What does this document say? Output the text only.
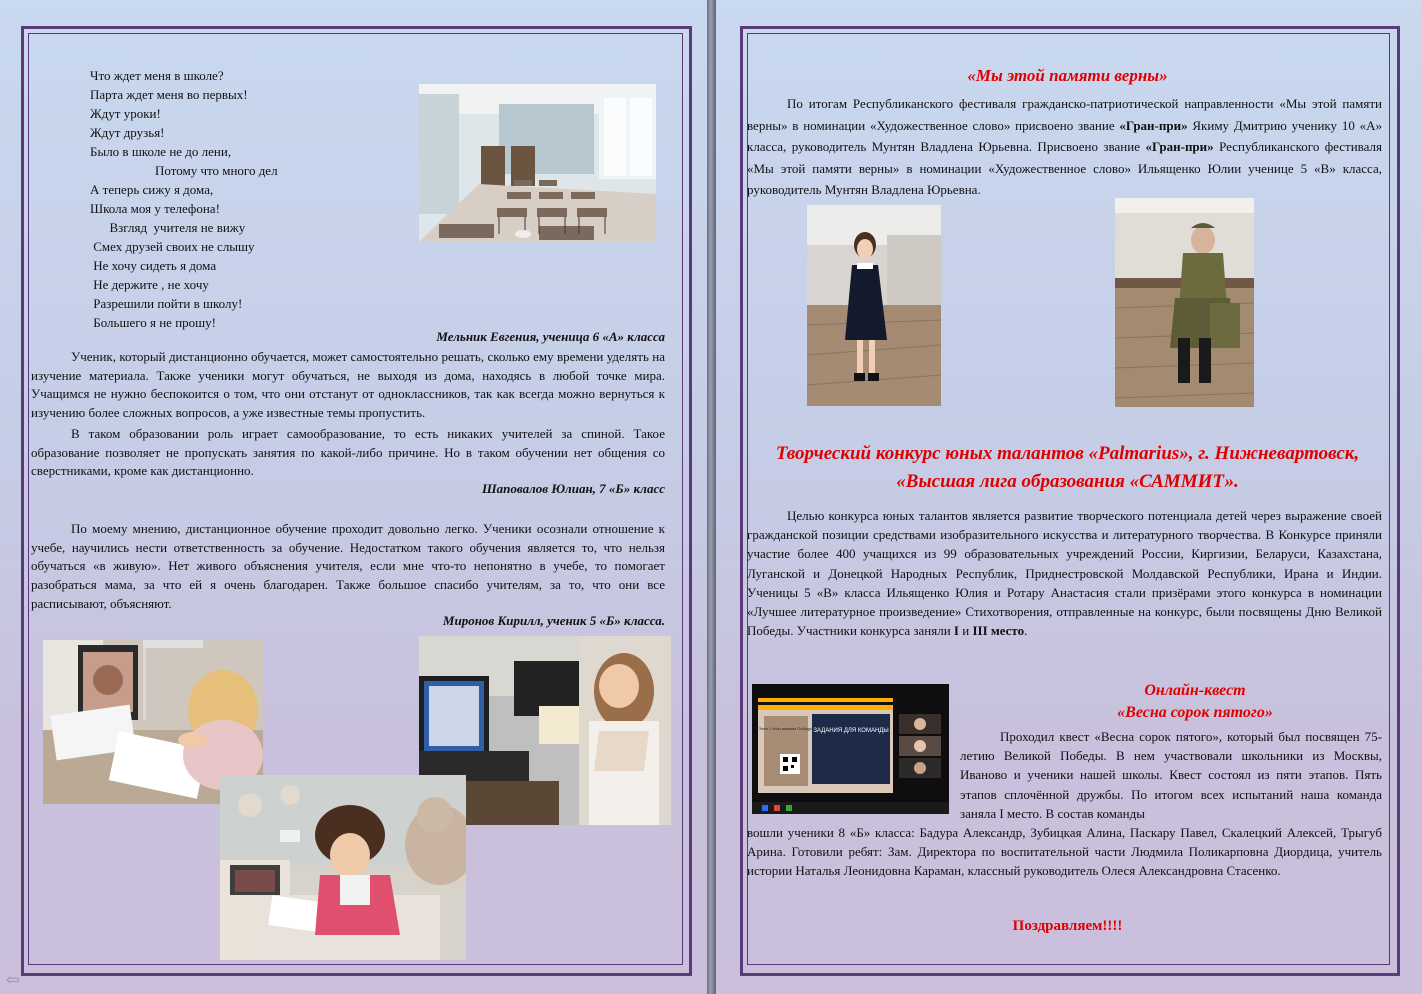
Что ждет меня в школе?
Парта ждет меня во первых!
Ждут уроки!
Ждут друзья!
Было в школе не до лени,
Потому что много дел
А теперь сижу я дома,
Школа моя у телефона!
Взгляд  учителя не вижу
Смех друзей своих не слышу
Не хочу сидеть я дома
Не держите , не хочу
Разрешили пойти в школу!
Большего я не прошу!
Мельник Евгения, ученица 6 «А» класса
Ученик, который дистанционно обучается, может самостоятельно решать, сколько ему времени уделять на изучение материала. Также ученики могут обучаться, не выходя из дома, находясь в любой точке мира. Учащимся не нужно беспокоится о том, что они отстанут от одноклассников, так как всегда можно вернуться к изучению более сложных вопросов, а уже известные темы пропустить.
В таком образовании роль играет самообразование, то есть никаких учителей за спиной. Такое образование позволяет не пропускать занятия по какой-либо причине. Но в таком обучении нет общения со сверстниками, кроме как дистанционно.
Шаповалов Юлиан, 7 «Б» класс
По моему мнению, дистанционное обучение проходит довольно легко. Ученики осознали отношение к учебе, научились нести ответственность за обучение. Недостатком такого обучения является то, что нельзя обучаться «в живую». Нет живого объяснения учителя, если мне что-то непонятно в учебе, то помогает разобраться мама, за что ей я очень благодарен. Также большое спасибо учителям, за то, что они все расписывают, объясняют.
Миронов Кирилл, ученик 5 «Б» класса.
«Мы этой памяти верны»
По итогам Республиканского фестиваля гражданско-патриотической направленности «Мы этой памяти верны» в номинации «Художественное слово» присвоено звание «Гран-при» Якиму Дмитрию ученику 10 «А» класса, руководитель Мунтян Владлена Юрьевна. Присвоено звание «Гран-при» Республиканского фестиваля «Мы этой памяти верны» в номинации «Художественное слово» Ильященко Юлии ученице 5 «В» класса, руководитель Мунтян Владлена Юрьевна.
Творческий конкурс юных талантов «Palmarius», г. Нижневартовск,
«Высшая лига образования «САММИТ».
Целью конкурса юных талантов является развитие творческого потенциала детей через выражение своей гражданской позиции средствами изобразительного искусства и литературного творчества. В Конкурсе приняли участие более 400 учащихся из 99 образовательных учреждений России, Киргизии, Беларуси, Казахстана, Луганской и Донецкой Народных Республик, Приднестровской Молдавской Республики, Ирана и Индии. Ученицы 5 «В» класса Ильященко Юлия и Ротару Анастасия стали призёрами этого конкурса в номинации «Лучшее литературное произведение» Стихотворения, отправленные на конкурс, были посвящены Дню Великой Победы. Участники конкурса заняли I и III место.
ЗАДАНИЯ ДЛЯ КОМАНДЫ
Этап 1 «Мы помним Победу»
Онлайн-квест
«Весна сорок пятого»
Проходил квест «Весна сорок пятого», который был посвящен 75-летию Великой Победы. В нем участвовали школьники из Москвы, Иваново и ученики нашей школы. Квест состоял из пяти этапов. Пять этапов сплочённой дружбы. По итогом всех испытаний наша команда заняла I место. В состав команды
вошли ученики 8 «Б» класса: Бадура Александр, Зубицкая Алина, Паскару Павел, Скалецкий Алексей, Трыгуб Арина. Готовили ребят: Зам. Директора по воспитательной части Людмила Поликарповна Диордица, учитель истории Наталья Леонидовна Караман, классный руководитель Олеся Александровна Стасенко.
Поздравляем!!!!
⇦
